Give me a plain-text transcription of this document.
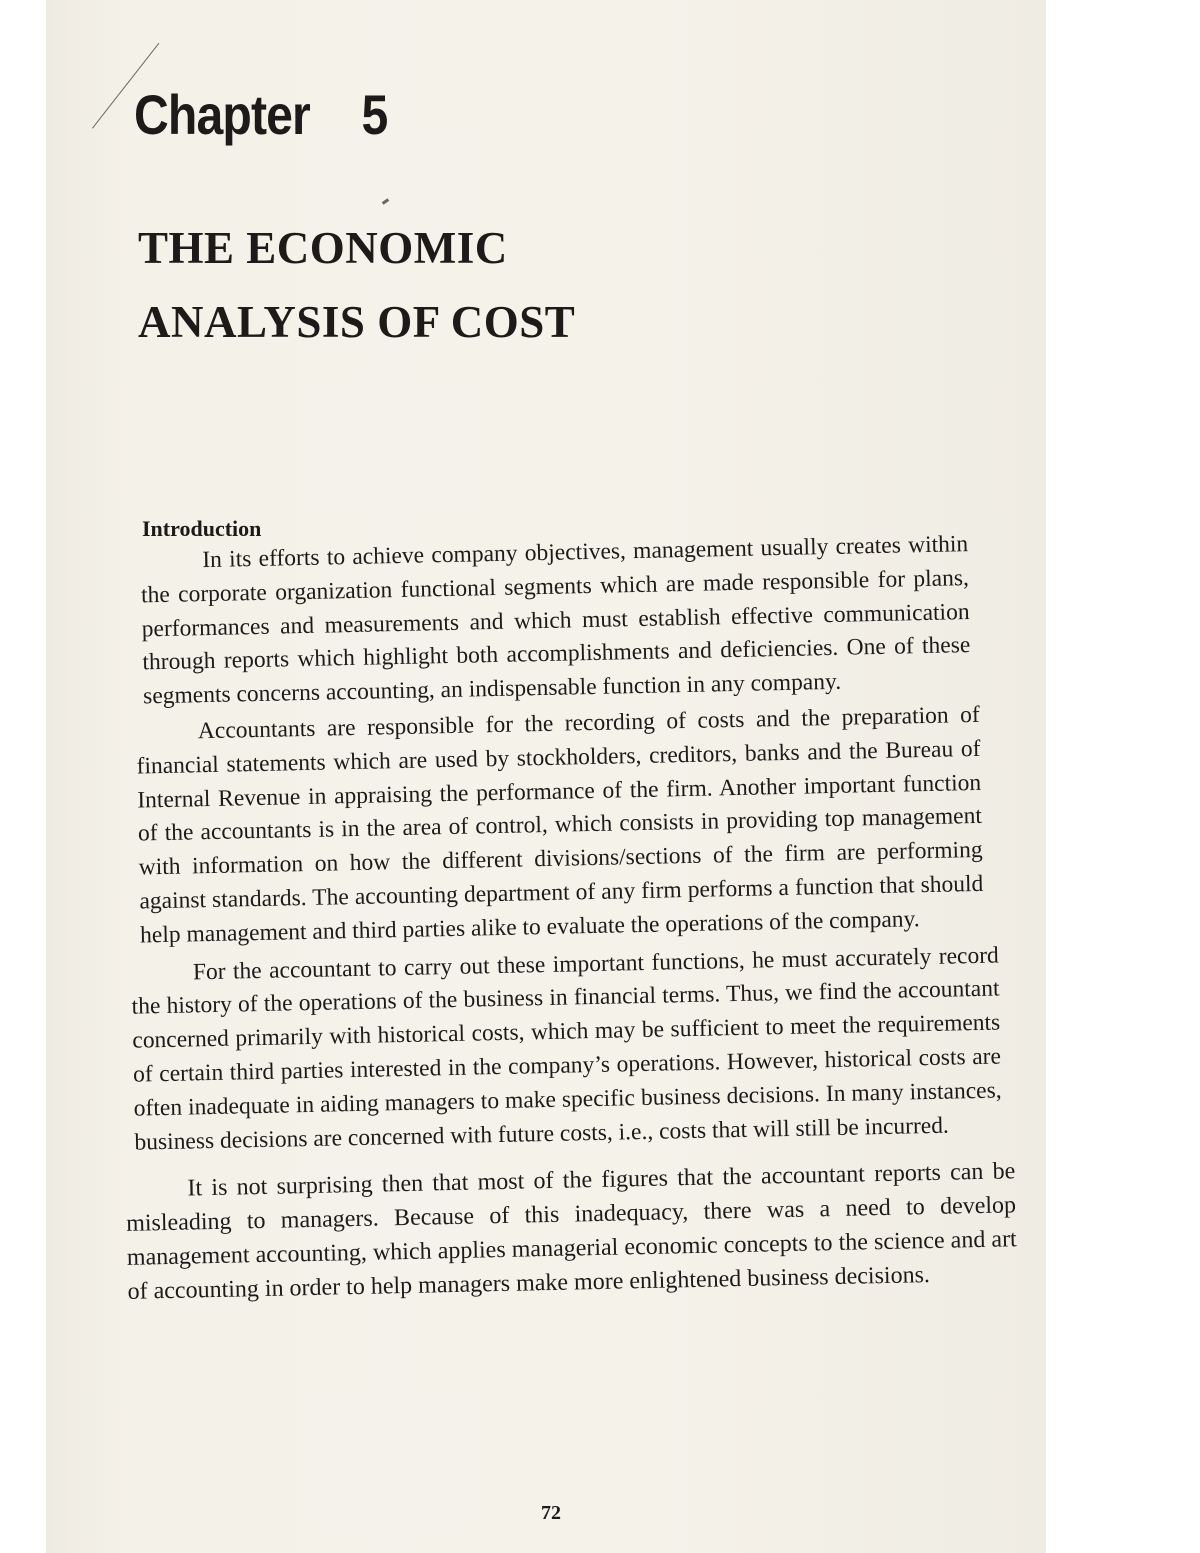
Chapter 5
THE ECONOMIC
ANALYSIS OF COST
Introduction

In its efforts to achieve company objectives, management usually creates within the corporate organization functional segments which are made responsible for plans, performances and measurements and which must establish effective communication through reports which highlight both accomplishments and deficiencies. One of these segments concerns accounting, an indispensable function in any company.

Accountants are responsible for the recording of costs and the preparation of financial statements which are used by stockholders, creditors, banks and the Bureau of Internal Revenue in appraising the performance of the firm. Another important function of the accountants is in the area of control, which consists in providing top management with information on how the different divisions/sections of the firm are performing against standards. The accounting department of any firm performs a function that should help management and third parties alike to evaluate the operations of the company.

For the accountant to carry out these important functions, he must accurately record the history of the operations of the business in financial terms. Thus, we find the accountant concerned primarily with historical costs, which may be sufficient to meet the requirements of certain third parties interested in the company’s operations. However, historical costs are often inadequate in aiding managers to make specific business decisions. In many instances, business decisions are concerned with future costs, i.e., costs that will still be incurred.

It is not surprising then that most of the figures that the accountant reports can be misleading to managers. Because of this inadequacy, there was a need to develop management accounting, which applies managerial economic concepts to the science and art of accounting in order to help managers make more enlightened business decisions.

72
